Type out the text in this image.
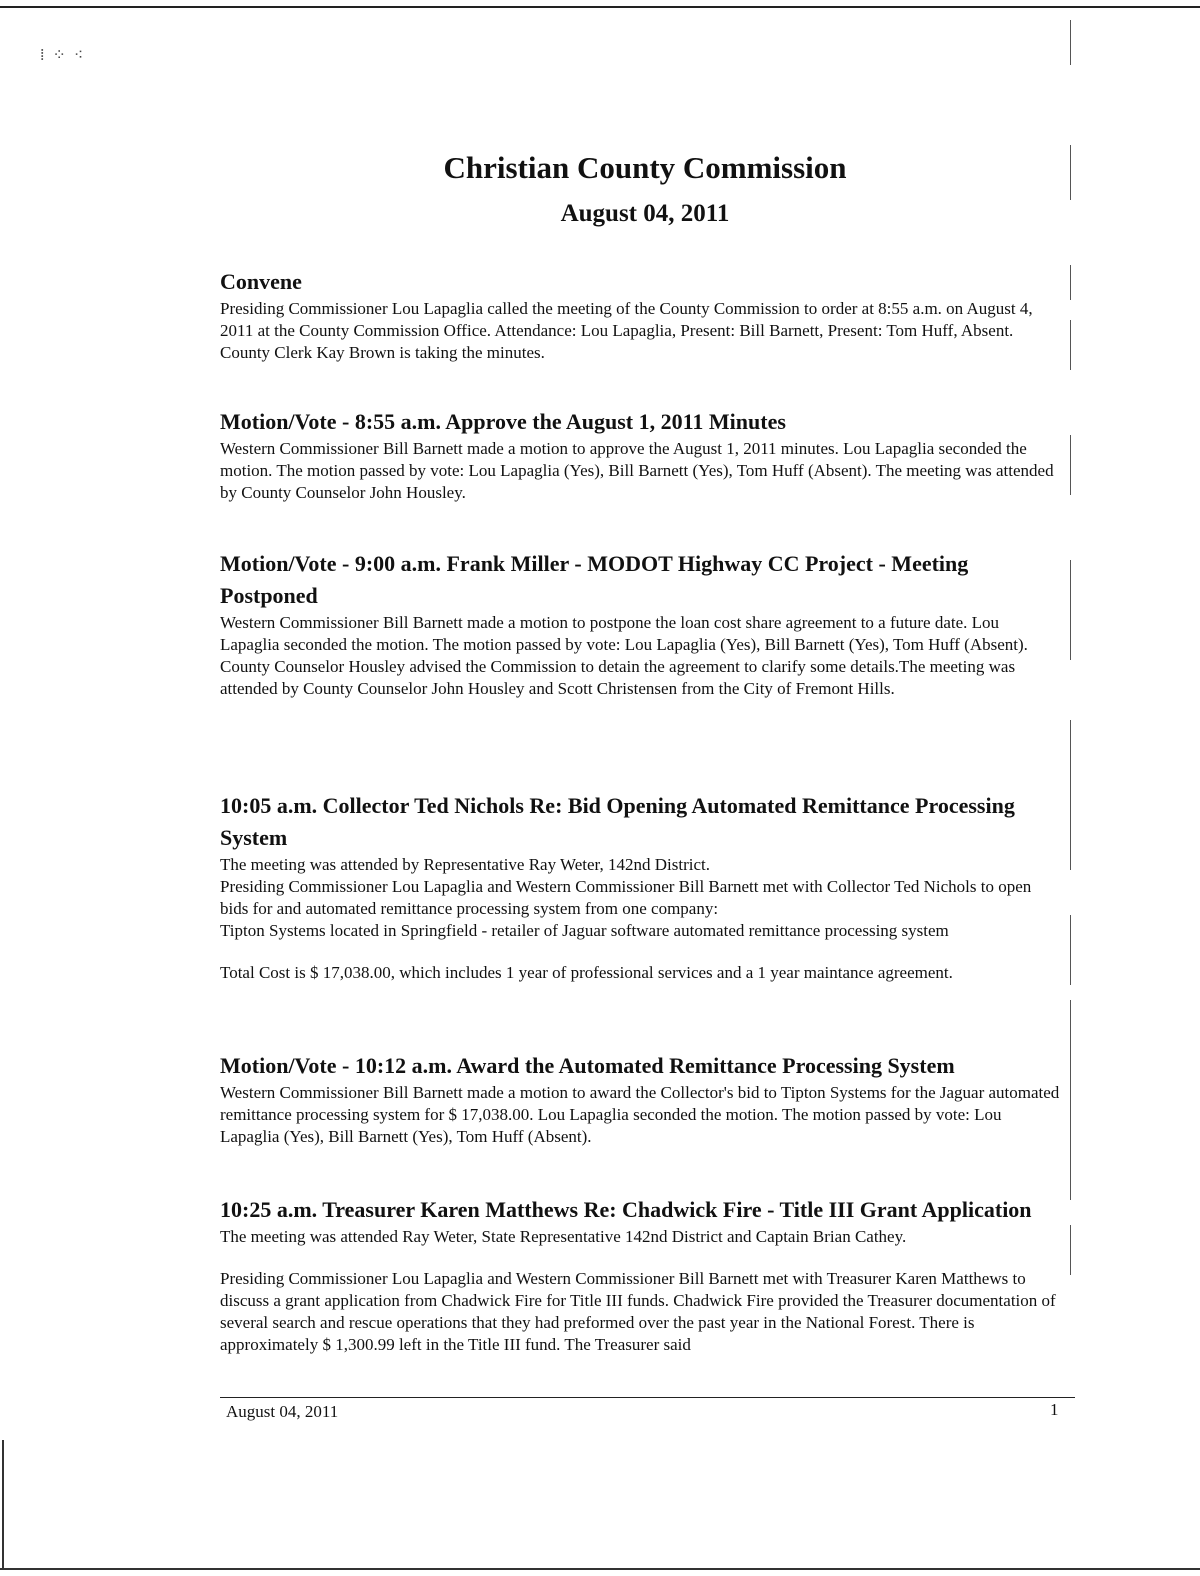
⁞ ⁘ ⁖
Christian County Commission
August 04, 2011
Convene

Presiding Commissioner Lou Lapaglia called the meeting of the County Commission to order at 8:55 a.m. on August 4, 2011 at the County Commission Office. Attendance: Lou Lapaglia, Present: Bill Barnett, Present: Tom Huff, Absent. County Clerk Kay Brown is taking the minutes.

Motion/Vote - 8:55 a.m. Approve the August 1, 2011 Minutes

Western Commissioner Bill Barnett made a motion to approve the August 1, 2011 minutes. Lou Lapaglia seconded the motion. The motion passed by vote: Lou Lapaglia (Yes), Bill Barnett (Yes), Tom Huff (Absent). The meeting was attended by County Counselor John Housley.

Motion/Vote - 9:00 a.m. Frank Miller - MODOT Highway CC Project - Meeting Postponed

Western Commissioner Bill Barnett made a motion to postpone the loan cost share agreement to a future date. Lou Lapaglia seconded the motion. The motion passed by vote: Lou Lapaglia (Yes), Bill Barnett (Yes), Tom Huff (Absent). County Counselor Housley advised the Commission to detain the agreement to clarify some details.The meeting was attended by County Counselor John Housley and Scott Christensen from the City of Fremont Hills.

10:05 a.m. Collector Ted Nichols Re: Bid Opening Automated Remittance Processing System

The meeting was attended by Representative Ray Weter, 142nd District.

Presiding Commissioner Lou Lapaglia and Western Commissioner Bill Barnett met with Collector Ted Nichols to open bids for and automated remittance processing system from one company:

Tipton Systems located in Springfield - retailer of Jaguar software automated remittance processing system

Total Cost is $ 17,038.00, which includes 1 year of professional services and a 1 year maintance agreement.

Motion/Vote - 10:12 a.m. Award the Automated Remittance Processing System

Western Commissioner Bill Barnett made a motion to award the Collector's bid to Tipton Systems for the Jaguar automated remittance processing system for $ 17,038.00. Lou Lapaglia seconded the motion. The motion passed by vote: Lou Lapaglia (Yes), Bill Barnett (Yes), Tom Huff (Absent).

10:25 a.m. Treasurer Karen Matthews Re: Chadwick Fire - Title III Grant Application

The meeting was attended Ray Weter, State Representative 142nd District and Captain Brian Cathey.

Presiding Commissioner Lou Lapaglia and Western Commissioner Bill Barnett met with Treasurer Karen Matthews to discuss a grant application from Chadwick Fire for Title III funds. Chadwick Fire provided the Treasurer documentation of several search and rescue operations that they had preformed over the past year in the National Forest. There is approximately $ 1,300.99 left in the Title III fund. The Treasurer said

August 04, 2011	1
